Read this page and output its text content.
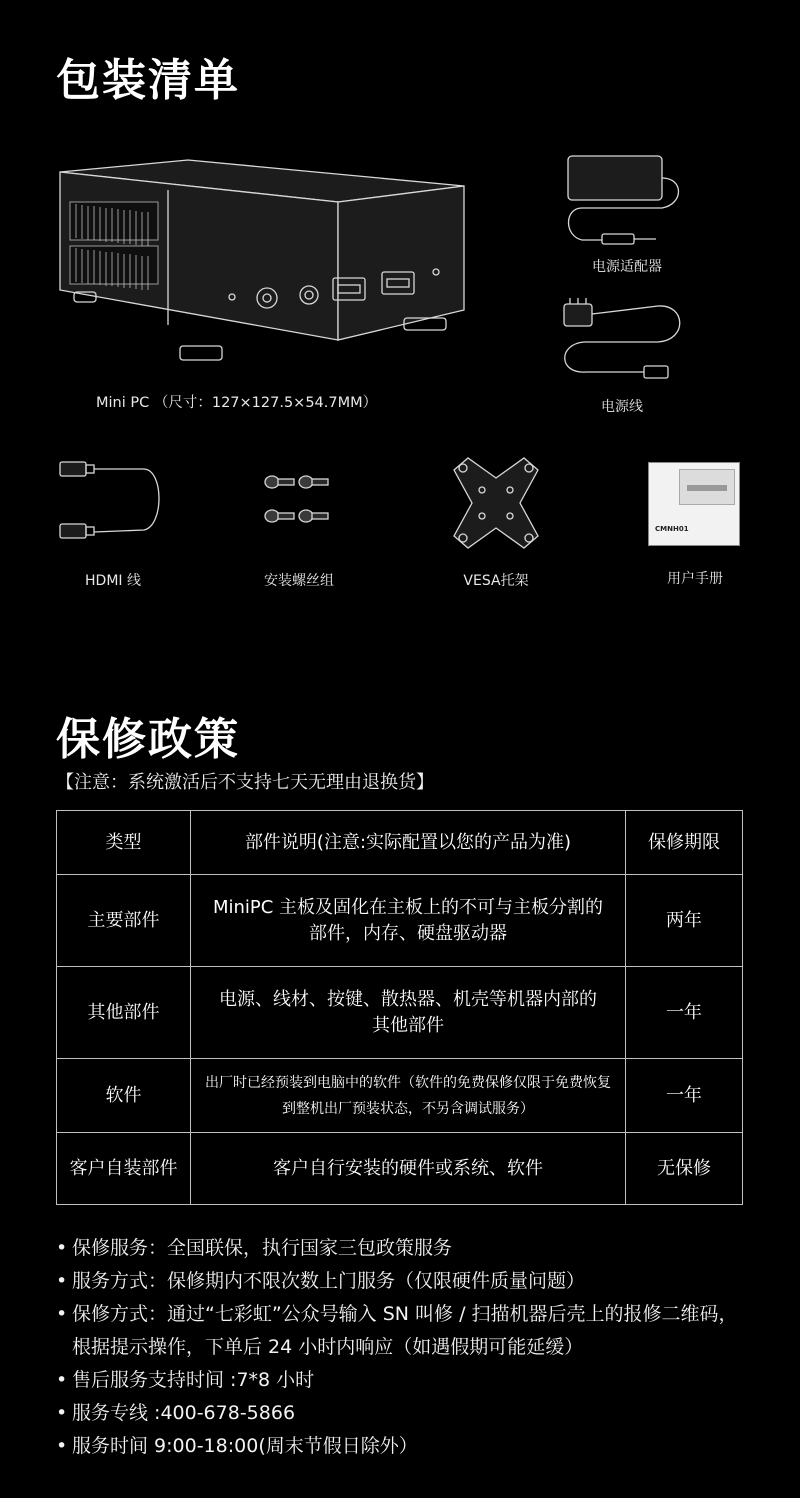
包装清单
Mini PC （尺寸：127×127.5×54.7MM）
电源适配器
电源线
HDMI 线	安装螺丝组	VESA托架
CMNH01
用户手册
保修政策
【注意：系统激活后不支持七天无理由退换货】
类型	部件说明(注意:实际配置以您的产品为准)	保修期限
主要部件	MiniPC 主板及固化在主板上的不可与主板分割的部件，内存、硬盘驱动器	两年
其他部件	电源、线材、按键、散热器、机壳等机器内部的其他部件	一年
软件	出厂时已经预装到电脑中的软件（软件的免费保修仅限于免费恢复到整机出厂预装状态，不另含调试服务）	一年
客户自装部件	客户自行安装的硬件或系统、软件	无保修
• 保修服务：全国联保，执行国家三包政策服务
• 服务方式：保修期内不限次数上门服务（仅限硬件质量问题）
• 保修方式：通过“七彩虹”公众号输入 SN 叫修 / 扫描机器后壳上的报修二维码，根据提示操作，下单后 24 小时内响应（如遇假期可能延缓）
• 售后服务支持时间 :7*8 小时
• 服务专线 :400-678-5866
• 服务时间 9:00-18:00(周末节假日除外）
